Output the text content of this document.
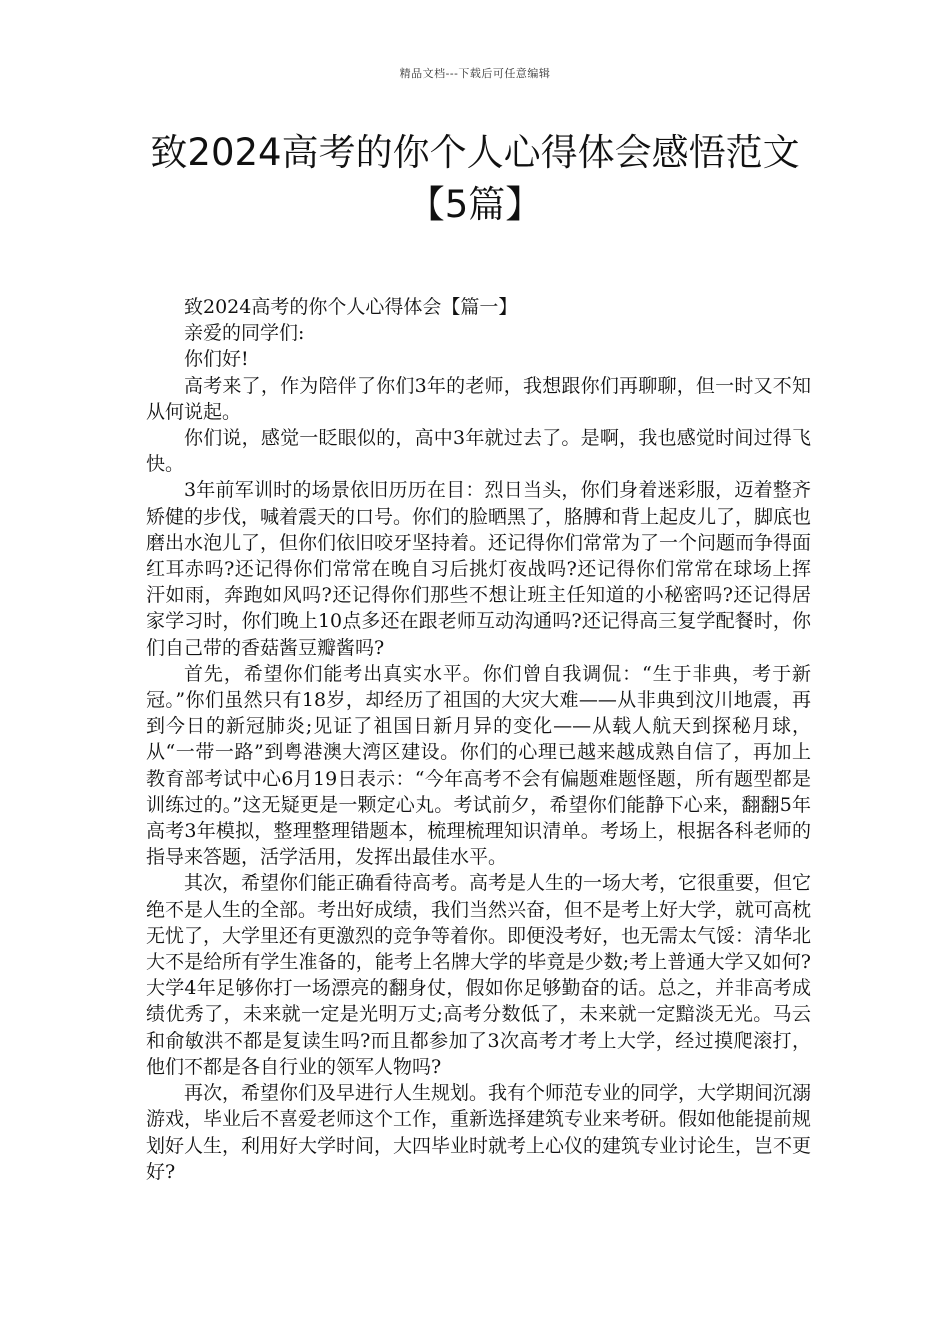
精品文档---下载后可任意编辑
致2024高考的你个人心得体会感悟范文【5篇】

致2024高考的你个人心得体会【篇一】

亲爱的同学们:

你们好!

高考来了，作为陪伴了你们3年的老师，我想跟你们再聊聊，但一时又不知从何说起。

你们说，感觉一眨眼似的，高中3年就过去了。是啊，我也感觉时间过得飞快。

3年前军训时的场景依旧历历在目：烈日当头，你们身着迷彩服，迈着整齐矫健的步伐，喊着震天的口号。你们的脸晒黑了，胳膊和背上起皮儿了，脚底也磨出水泡儿了，但你们依旧咬牙坚持着。还记得你们常常为了一个问题而争得面红耳赤吗?还记得你们常常在晚自习后挑灯夜战吗?还记得你们常常在球场上挥汗如雨，奔跑如风吗?还记得你们那些不想让班主任知道的小秘密吗?还记得居家学习时，你们晚上10点多还在跟老师互动沟通吗?还记得高三复学配餐时，你们自己带的香菇酱豆瓣酱吗?

首先，希望你们能考出真实水平。你们曾自我调侃：“生于非典，考于新冠。”你们虽然只有18岁，却经历了祖国的大灾大难——从非典到汶川地震，再到今日的新冠肺炎;见证了祖国日新月异的变化——从载人航天到探秘月球，从“一带一路”到粤港澳大湾区建设。你们的心理已越来越成熟自信了，再加上教育部考试中心6月19日表示：“今年高考不会有偏题难题怪题，所有题型都是训练过的。”这无疑更是一颗定心丸。考试前夕，希望你们能静下心来，翻翻5年高考3年模拟，整理整理错题本，梳理梳理知识清单。考场上，根据各科老师的指导来答题，活学活用，发挥出最佳水平。

其次，希望你们能正确看待高考。高考是人生的一场大考，它很重要，但它绝不是人生的全部。考出好成绩，我们当然兴奋，但不是考上好大学，就可高枕无忧了，大学里还有更激烈的竞争等着你。即便没考好，也无需太气馁：清华北大不是给所有学生准备的，能考上名牌大学的毕竟是少数;考上普通大学又如何?大学4年足够你打一场漂亮的翻身仗，假如你足够勤奋的话。总之，并非高考成绩优秀了，未来就一定是光明万丈;高考分数低了，未来就一定黯淡无光。马云和俞敏洪不都是复读生吗?而且都参加了3次高考才考上大学，经过摸爬滚打，他们不都是各自行业的领军人物吗?

再次，希望你们及早进行人生规划。我有个师范专业的同学，大学期间沉溺游戏，毕业后不喜爱老师这个工作，重新选择建筑专业来考研。假如他能提前规划好人生，利用好大学时间，大四毕业时就考上心仪的建筑专业讨论生，岂不更好?
